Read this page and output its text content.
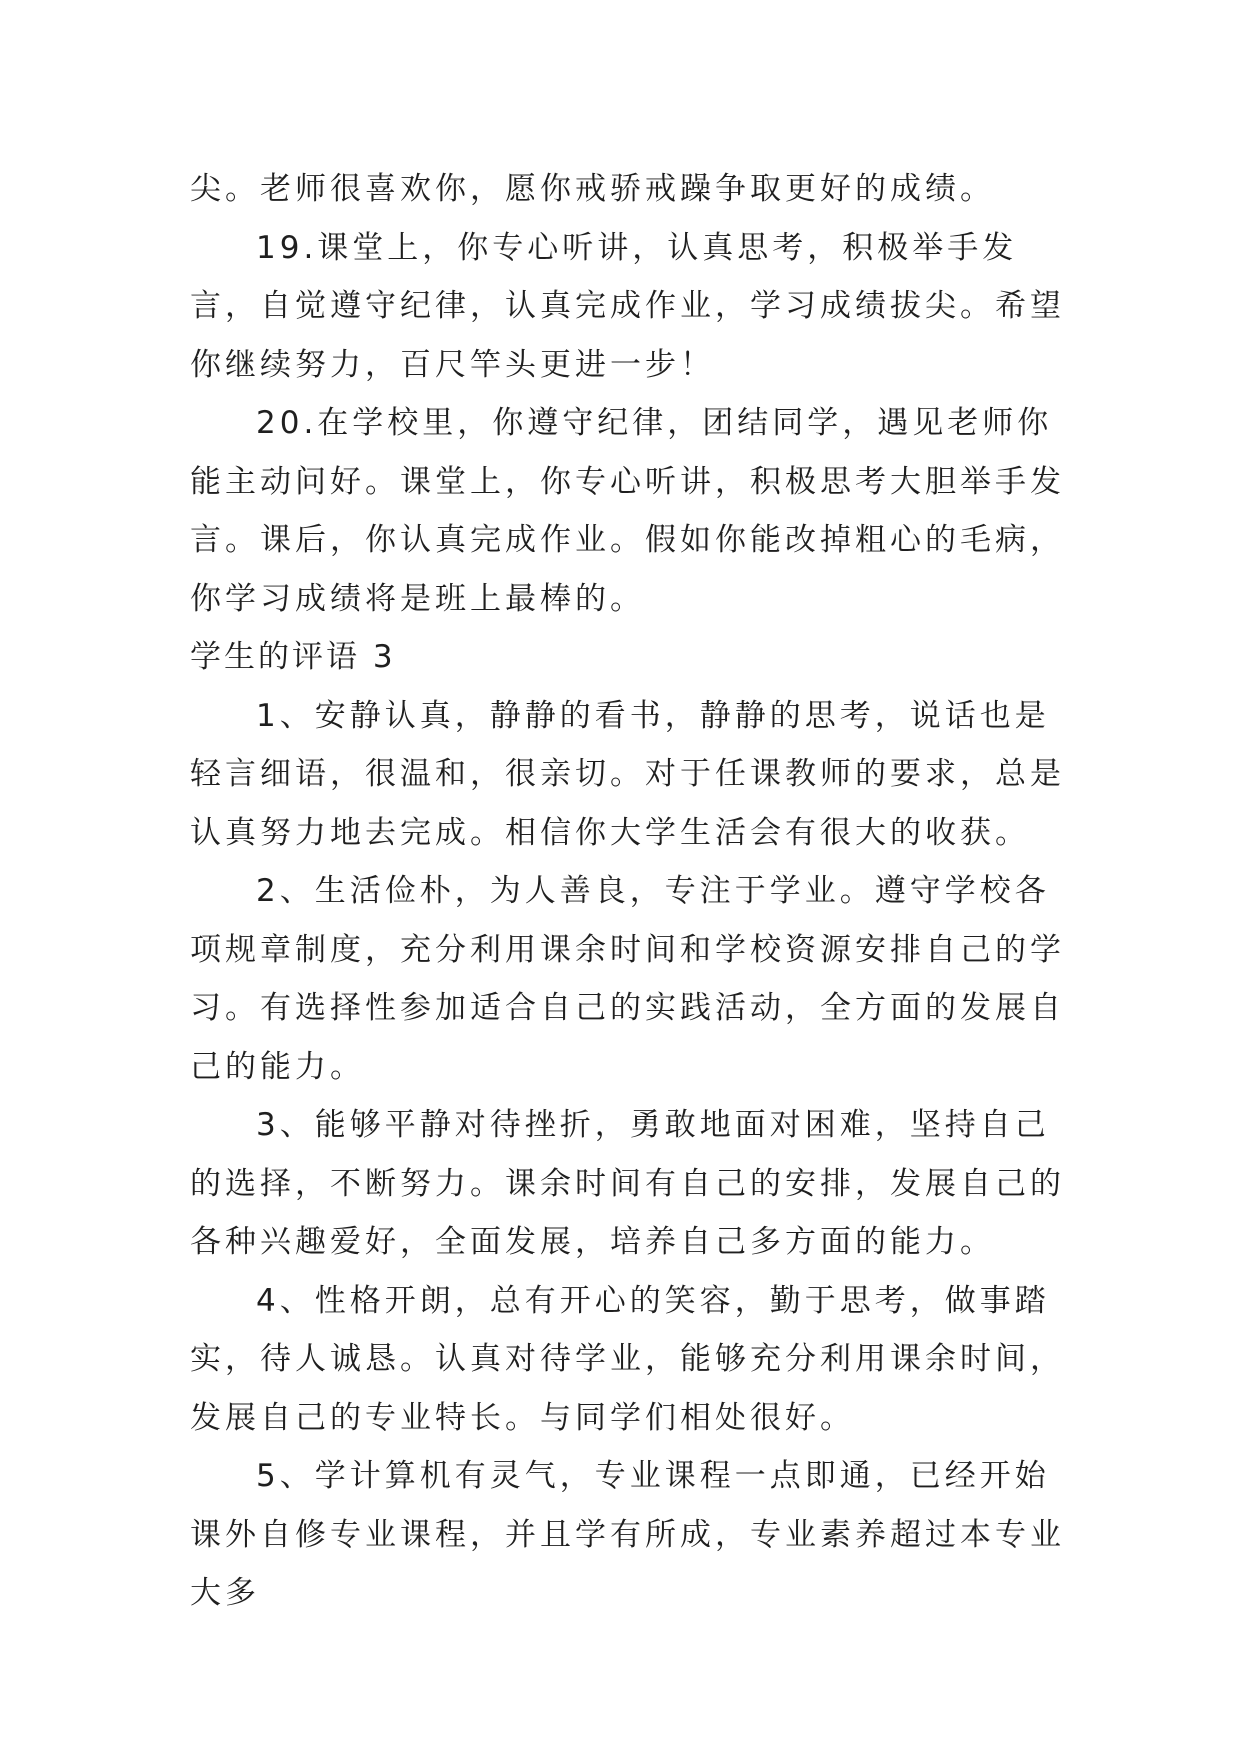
尖。老师很喜欢你，愿你戒骄戒躁争取更好的成绩。

19.课堂上，你专心听讲，认真思考，积极举手发言，自觉遵守纪律，认真完成作业，学习成绩拔尖。希望你继续努力，百尺竿头更进一步！

20.在学校里，你遵守纪律，团结同学，遇见老师你能主动问好。课堂上，你专心听讲，积极思考大胆举手发言。课后，你认真完成作业。假如你能改掉粗心的毛病，你学习成绩将是班上最棒的。

学生的评语 3

1、安静认真，静静的看书，静静的思考，说话也是轻言细语，很温和，很亲切。对于任课教师的要求，总是认真努力地去完成。相信你大学生活会有很大的收获。

2、生活俭朴，为人善良，专注于学业。遵守学校各项规章制度，充分利用课余时间和学校资源安排自己的学习。有选择性参加适合自己的实践活动，全方面的发展自己的能力。

3、能够平静对待挫折，勇敢地面对困难，坚持自己的选择，不断努力。课余时间有自己的安排，发展自己的各种兴趣爱好，全面发展，培养自己多方面的能力。

4、性格开朗，总有开心的笑容，勤于思考，做事踏实，待人诚恳。认真对待学业，能够充分利用课余时间，发展自己的专业特长。与同学们相处很好。

5、学计算机有灵气，专业课程一点即通，已经开始课外自修专业课程，并且学有所成，专业素养超过本专业大多
